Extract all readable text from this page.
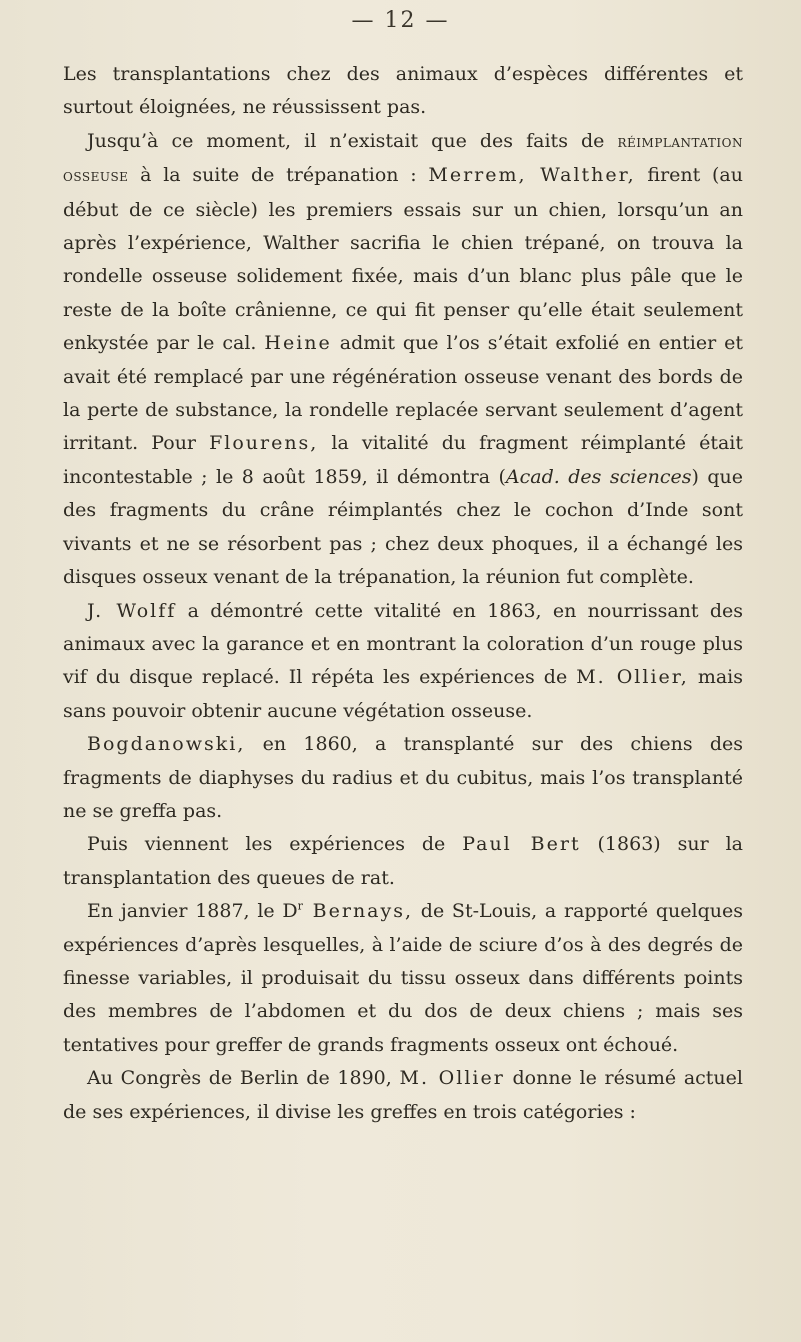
— 12 —

Les transplantations chez des animaux d’espèces différentes et surtout éloignées, ne réussissent pas.

Jusqu’à ce moment, il n’existait que des faits de réimplantation osseuse à la suite de trépanation : Merrem, Walther, firent (au début de ce siècle) les premiers essais sur un chien, lorsqu’un an après l’expérience, Walther sacrifia le chien trépané, on trouva la rondelle osseuse solidement fixée, mais d’un blanc plus pâle que le reste de la boîte crânienne, ce qui fit penser qu’elle était seulement enkystée par le cal. Heine admit que l’os s’était exfolié en entier et avait été remplacé par une régénération osseuse venant des bords de la perte de substance, la rondelle replacée servant seulement d’agent irritant. Pour Flourens, la vitalité du fragment réimplanté était incontestable ; le 8 août 1859, il démontra (Acad. des sciences) que des fragments du crâne réimplantés chez le cochon d’Inde sont vivants et ne se résorbent pas ; chez deux phoques, il a échangé les disques osseux venant de la trépanation, la réunion fut complète.

J. Wolff a démontré cette vitalité en 1863, en nourrissant des animaux avec la garance et en montrant la coloration d’un rouge plus vif du disque replacé. Il répéta les expériences de M. Ollier, mais sans pouvoir obtenir aucune végétation osseuse.

Bogdanowski, en 1860, a transplanté sur des chiens des fragments de diaphyses du radius et du cubitus, mais l’os transplanté ne se greffa pas.

Puis viennent les expériences de Paul Bert (1863) sur la transplantation des queues de rat.

En janvier 1887, le $D^r$ Bernays, de St-Louis, a rapporté quelques expériences d’après lesquelles, à l’aide de sciure d’os à des degrés de finesse variables, il produisait du tissu osseux dans différents points des membres de l’abdomen et du dos de deux chiens ; mais ses tentatives pour greffer de grands fragments osseux ont échoué.

Au Congrès de Berlin de 1890, M. Ollier donne le résumé actuel de ses expériences, il divise les greffes en trois catégories :
